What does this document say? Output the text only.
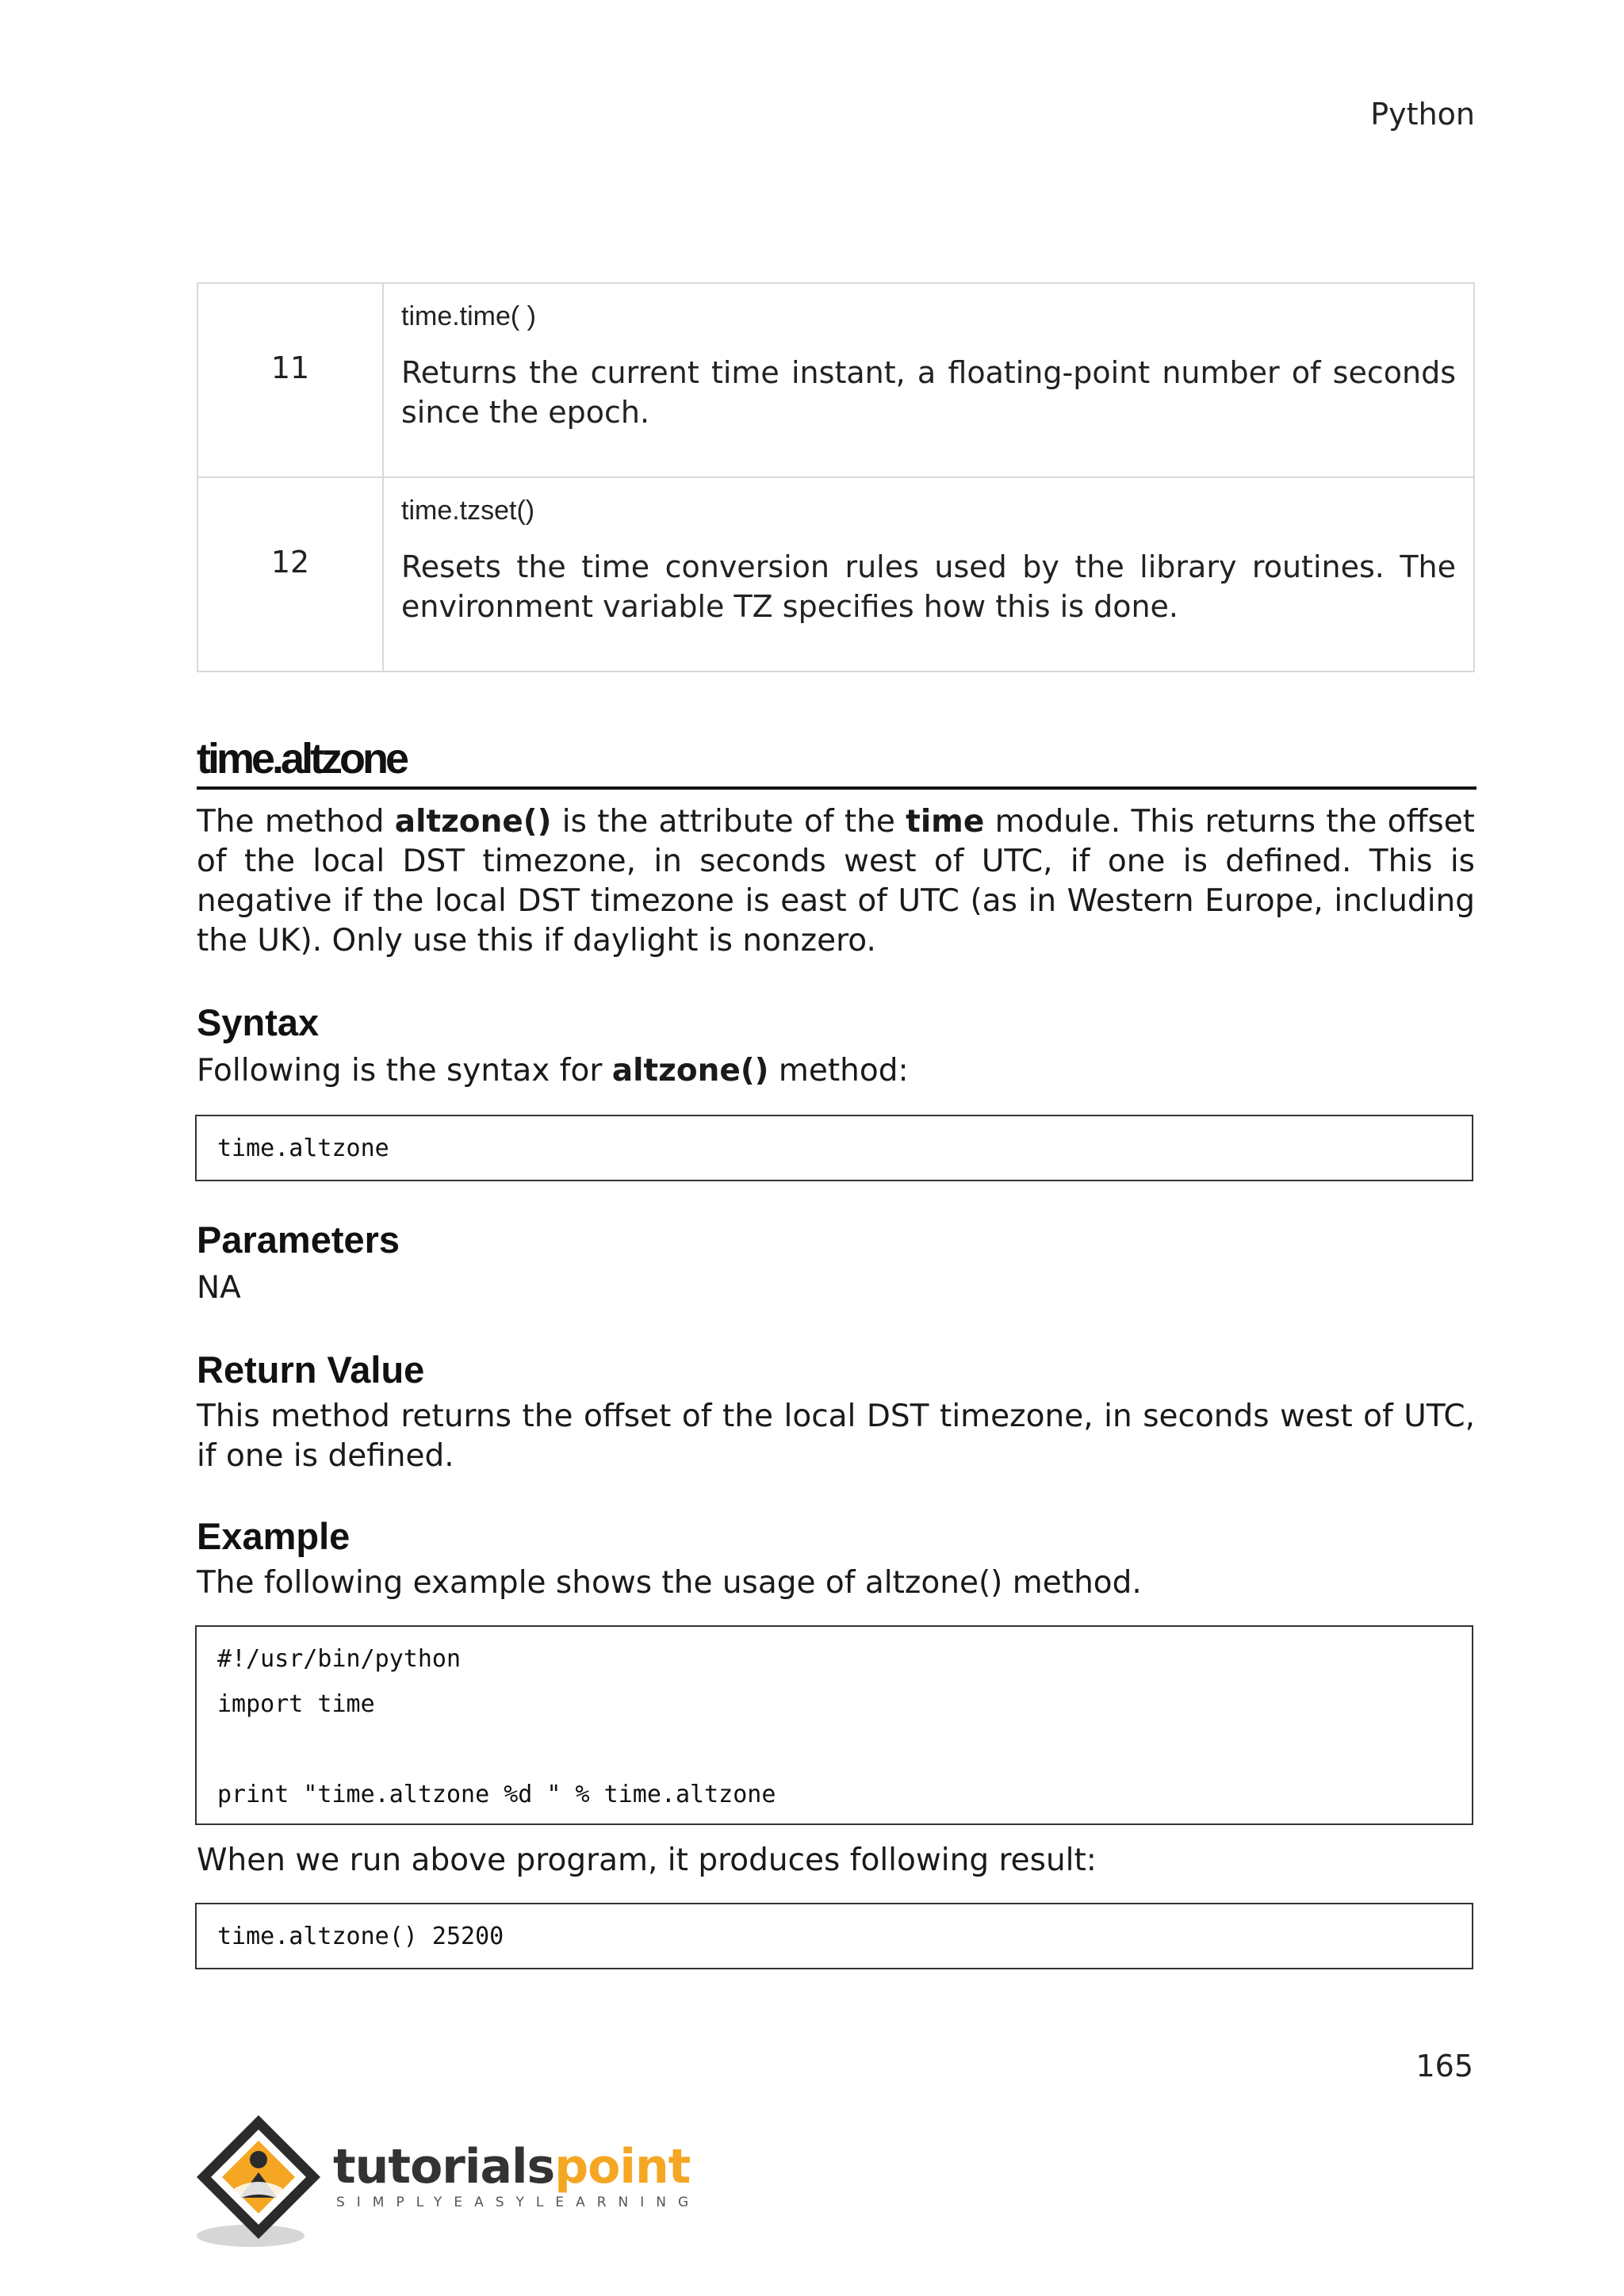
Python
11	time.time( )
Returns the current time instant, a floating-point number of seconds since the epoch.

12	time.tzset()
Resets the time conversion rules used by the library routines. The environment variable TZ specifies how this is done.
time.altzone
The method altzone() is the attribute of the time module. This returns the offset of the local DST timezone, in seconds west of UTC, if one is defined. This is negative if the local DST timezone is east of UTC (as in Western Europe, including the UK). Only use this if daylight is nonzero.
Syntax
Following is the syntax for altzone() method:
time.altzone
Parameters
NA
Return Value
This method returns the offset of the local DST timezone, in seconds west of UTC, if one is defined.
Example
The following example shows the usage of altzone() method.
#!/usr/bin/python
import time
print "time.altzone %d " % time.altzone
When we run above program, it produces following result:
time.altzone() 25200
165
tutorialspoint
SIMPLYEASYLEARNING
